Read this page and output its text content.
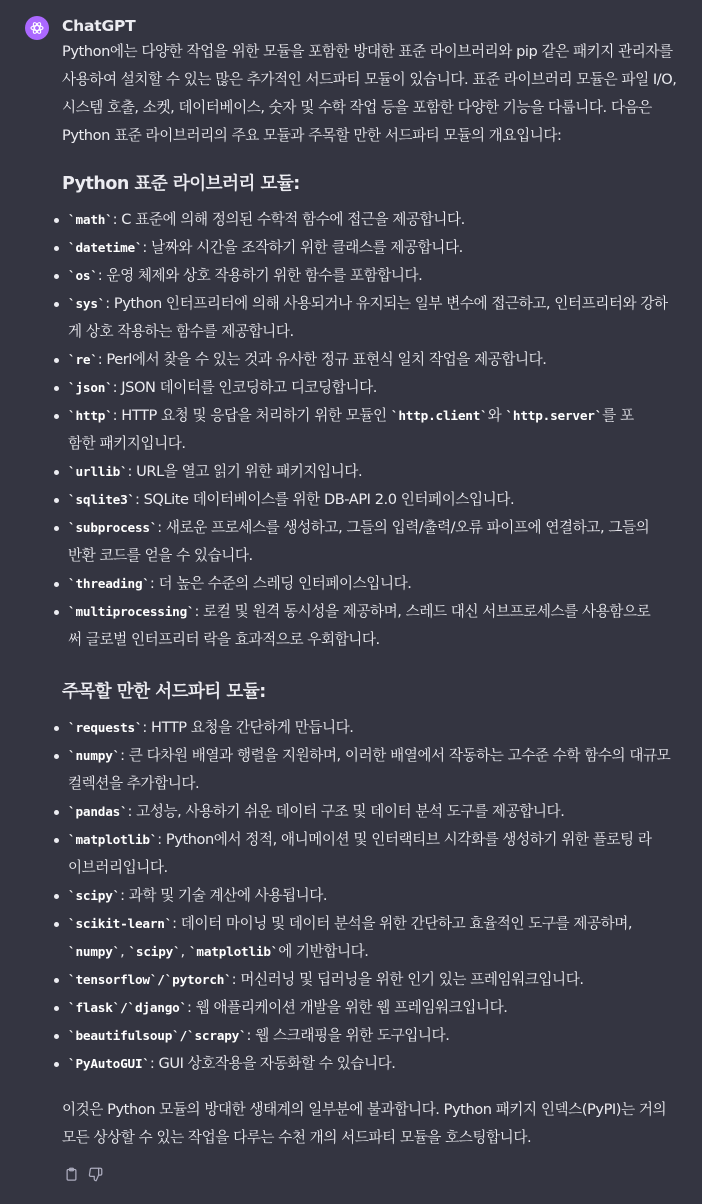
ChatGPT

Python에는 다양한 작업을 위한 모듈을 포함한 방대한 표준 라이브러리와 pip 같은 패키지 관리자를

사용하여 설치할 수 있는 많은 추가적인 서드파티 모듈이 있습니다. 표준 라이브러리 모듈은 파일 I/O,

시스템 호출, 소켓, 데이터베이스, 숫자 및 수학 작업 등을 포함한 다양한 기능을 다룹니다. 다음은

Python 표준 라이브러리의 주요 모듈과 주목할 만한 서드파티 모듈의 개요입니다:

Python 표준 라이브러리 모듈:
`math`: C 표준에 의해 정의된 수학적 함수에 접근을 제공합니다.
`datetime`: 날짜와 시간을 조작하기 위한 클래스를 제공합니다.
`os`: 운영 체제와 상호 작용하기 위한 함수를 포함합니다.
`sys`: Python 인터프리터에 의해 사용되거나 유지되는 일부 변수에 접근하고, 인터프리터와 강하
게 상호 작용하는 함수를 제공합니다.
`re`: Perl에서 찾을 수 있는 것과 유사한 정규 표현식 일치 작업을 제공합니다.
`json`: JSON 데이터를 인코딩하고 디코딩합니다.
`http`: HTTP 요청 및 응답을 처리하기 위한 모듈인 `http.client`와 `http.server`를 포
함한 패키지입니다.
`urllib`: URL을 열고 읽기 위한 패키지입니다.
`sqlite3`: SQLite 데이터베이스를 위한 DB-API 2.0 인터페이스입니다.
`subprocess`: 새로운 프로세스를 생성하고, 그들의 입력/출력/오류 파이프에 연결하고, 그들의
반환 코드를 얻을 수 있습니다.
`threading`: 더 높은 수준의 스레딩 인터페이스입니다.
`multiprocessing`: 로컬 및 원격 동시성을 제공하며, 스레드 대신 서브프로세스를 사용함으로
써 글로벌 인터프리터 락을 효과적으로 우회합니다.
주목할 만한 서드파티 모듈:
`requests`: HTTP 요청을 간단하게 만듭니다.
`numpy`: 큰 다차원 배열과 행렬을 지원하며, 이러한 배열에서 작동하는 고수준 수학 함수의 대규모
컬렉션을 추가합니다.
`pandas`: 고성능, 사용하기 쉬운 데이터 구조 및 데이터 분석 도구를 제공합니다.
`matplotlib`: Python에서 정적, 애니메이션 및 인터랙티브 시각화를 생성하기 위한 플로팅 라
이브러리입니다.
`scipy`: 과학 및 기술 계산에 사용됩니다.
`scikit-learn`: 데이터 마이닝 및 데이터 분석을 위한 간단하고 효율적인 도구를 제공하며,
`numpy`, `scipy`, `matplotlib`에 기반합니다.
`tensorflow`/`pytorch`: 머신러닝 및 딥러닝을 위한 인기 있는 프레임워크입니다.
`flask`/`django`: 웹 애플리케이션 개발을 위한 웹 프레임워크입니다.
`beautifulsoup`/`scrapy`: 웹 스크래핑을 위한 도구입니다.
`PyAutoGUI`: GUI 상호작용을 자동화할 수 있습니다.

이것은 Python 모듈의 방대한 생태계의 일부분에 불과합니다. Python 패키지 인덱스(PyPI)는 거의

모든 상상할 수 있는 작업을 다루는 수천 개의 서드파티 모듈을 호스팅합니다.
